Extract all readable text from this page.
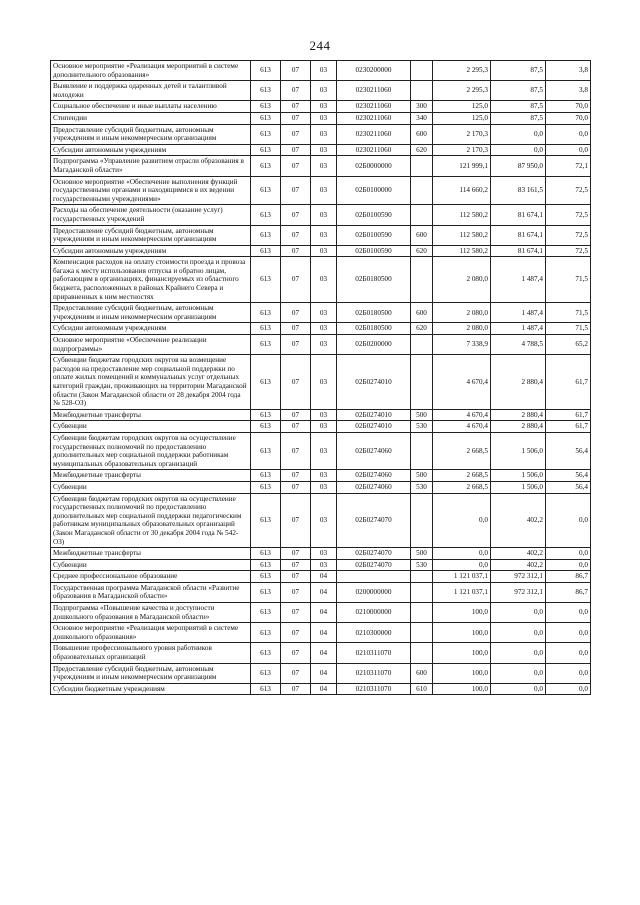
244
Основное мероприятие «Реализация мероприятий в системе дополнительного образования»	613	07	03	0230200000		2 295,3	87,5	3,8
Выявление и поддержка одаренных детей и талантливой молодежи	613	07	03	0230211060		2 295,3	87,5	3,8
Социальное обеспечение и иные выплаты населению	613	07	03	0230211060	300	125,0	87,5	70,0
Стипендии	613	07	03	0230211060	340	125,0	87,5	70,0
Предоставление субсидий бюджетным, автономным учреждениям и иным некоммерческим организациям	613	07	03	0230211060	600	2 170,3	0,0	0,0
Субсидии автономным учреждениям	613	07	03	0230211060	620	2 170,3	0,0	0,0
Подпрограмма «Управление развитием отрасли образования в Магаданской области»	613	07	03	02Б0000000		121 999,1	87 950,0	72,1
Основное мероприятие «Обеспечение выполнения функций государственными органами и находящимися в их ведении государственными учреждениями»	613	07	03	02Б0100000		114 660,2	83 161,5	72,5
Расходы на обеспечение деятельности (оказание услуг) государственных учреждений	613	07	03	02Б0100590		112 580,2	81 674,1	72,5
Предоставление субсидий бюджетным, автономным учреждениям и иным некоммерческим организациям	613	07	03	02Б0100590	600	112 580,2	81 674,1	72,5
Субсидии автономным учреждениям	613	07	03	02Б0100590	620	112 580,2	81 674,1	72,5
Компенсация расходов на оплату стоимости проезда и провоза багажа к месту использования отпуска и обратно лицам, работающим в организациях, финансируемых из областного бюджета, расположенных в районах Крайнего Севера и приравненных к ним местностях	613	07	03	02Б0180500		2 080,0	1 487,4	71,5
Предоставление субсидий бюджетным, автономным учреждениям и иным некоммерческим организациям	613	07	03	02Б0180500	600	2 080,0	1 487,4	71,5
Субсидии автономным учреждениям	613	07	03	02Б0180500	620	2 080,0	1 487,4	71,5
Основное мероприятие «Обеспечение реализации подпрограммы»	613	07	03	02Б0200000		7 338,9	4 788,5	65,2
Субвенции бюджетам городских округов на возмещение расходов на предоставление мер социальной поддержки по оплате жилых помещений и коммунальных услуг отдельных категорий граждан, проживающих на территории Магаданской области (Закон Магаданской области от 28 декабря 2004 года № 528-ОЗ)	613	07	03	02Б0274010		4 670,4	2 880,4	61,7
Межбюджетные трансферты	613	07	03	02Б0274010	500	4 670,4	2 880,4	61,7
Субвенции	613	07	03	02Б0274010	530	4 670,4	2 880,4	61,7
Субвенции бюджетам городских округов на осуществление государственных полномочий по предоставлению дополнительных мер социальной поддержки работникам муниципальных образовательных организаций	613	07	03	02Б0274060		2 668,5	1 506,0	56,4
Межбюджетные трансферты	613	07	03	02Б0274060	500	2 668,5	1 506,0	56,4
Субвенции	613	07	03	02Б0274060	530	2 668,5	1 506,0	56,4
Субвенции бюджетам городских округов на осуществление государственных полномочий по предоставлению дополнительных мер социальной поддержки педагогическим работникам муниципальных образовательных организаций (Закон Магаданской области от 30 декабря 2004 года № 542-ОЗ)	613	07	03	02Б0274070		0,0	402,2	0,0
Межбюджетные трансферты	613	07	03	02Б0274070	500	0,0	402,2	0,0
Субвенции	613	07	03	02Б0274070	530	0,0	402,2	0,0
Среднее профессиональное образование	613	07	04			1 121 037,1	972 312,1	86,7
Государственная программа Магаданской области «Развитие образования в Магаданской области»	613	07	04	0200000000		1 121 037,1	972 312,1	86,7
Подпрограмма «Повышение качества и доступности дошкольного образования в Магаданской области»	613	07	04	0210000000		100,0	0,0	0,0
Основное мероприятие «Реализация мероприятий в системе дошкольного образования»	613	07	04	0210300000		100,0	0,0	0,0
Повышение профессионального уровня работников образовательных организаций	613	07	04	0210311070		100,0	0,0	0,0
Предоставление субсидий бюджетным, автономным учреждениям и иным некоммерческим организациям	613	07	04	0210311070	600	100,0	0,0	0,0
Субсидии бюджетным учреждениям	613	07	04	0210311070	610	100,0	0,0	0,0
